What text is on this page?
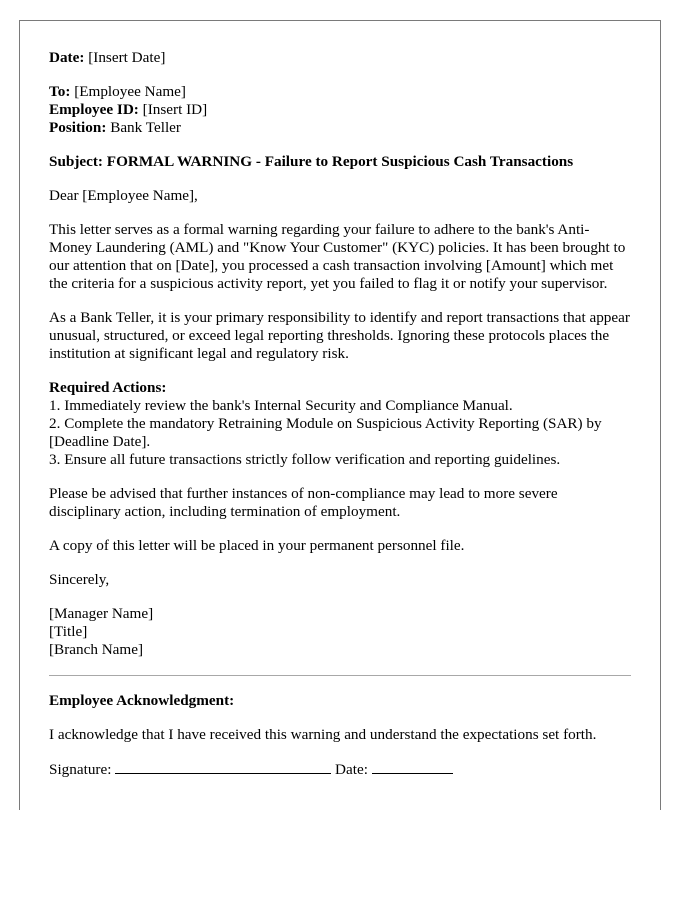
Date: [Insert Date]

To: [Employee Name]

Employee ID: [Insert ID]

Position: Bank Teller

Subject: FORMAL WARNING - Failure to Report Suspicious Cash Transactions

Dear [Employee Name],

This letter serves as a formal warning regarding your failure to adhere to the bank's Anti-Money Laundering (AML) and "Know Your Customer" (KYC) policies. It has been brought to our attention that on [Date], you processed a cash transaction involving [Amount] which met the criteria for a suspicious activity report, yet you failed to flag it or notify your supervisor.

As a Bank Teller, it is your primary responsibility to identify and report transactions that appear unusual, structured, or exceed legal reporting thresholds. Ignoring these protocols places the institution at significant legal and regulatory risk.

Required Actions:

1. Immediately review the bank's Internal Security and Compliance Manual.

2. Complete the mandatory Retraining Module on Suspicious Activity Reporting (SAR) by [Deadline Date].

3. Ensure all future transactions strictly follow verification and reporting guidelines.

Please be advised that further instances of non-compliance may lead to more severe disciplinary action, including termination of employment.

A copy of this letter will be placed in your permanent personnel file.

Sincerely,

[Manager Name]

[Title]

[Branch Name]

Employee Acknowledgment:

I acknowledge that I have received this warning and understand the expectations set forth.

Signature:	Date:
